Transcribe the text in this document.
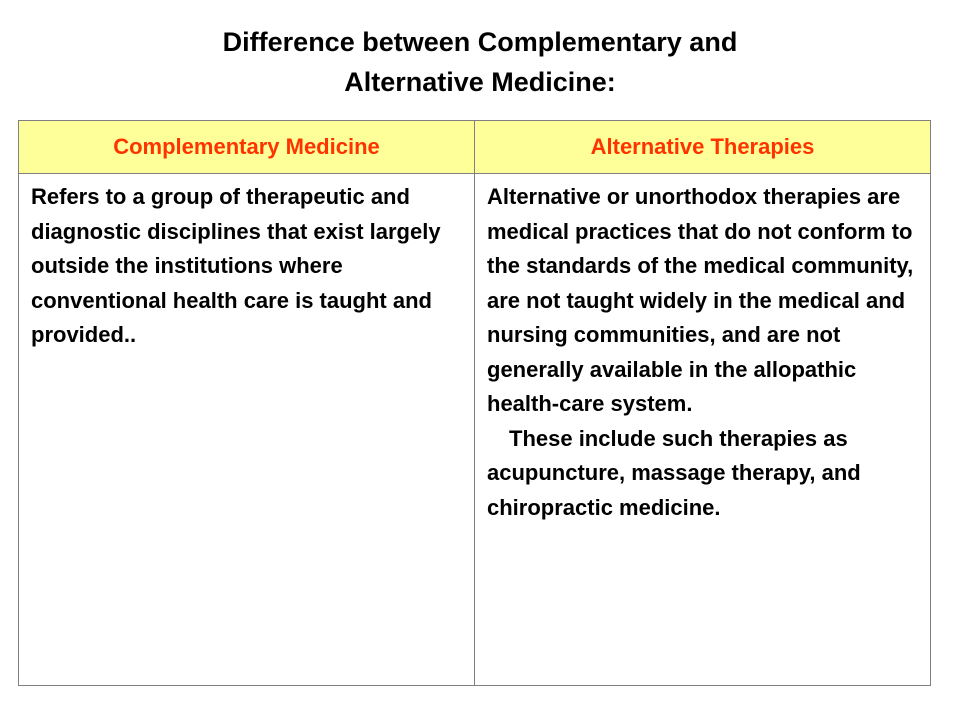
Difference between Complementary and
Alternative Medicine:
Complementary Medicine	Alternative Therapies

Refers to a group of therapeutic and diagnostic disciplines that exist largely outside the institutions where conventional health care is taught and provided..	Alternative or unorthodox therapies are medical practices that do not conform to the standards of the medical community, are not taught widely in the medical and nursing communities, and are not generally available in the allopathic health-care system.
These include such therapies as acupuncture, massage therapy, and chiropractic medicine.
